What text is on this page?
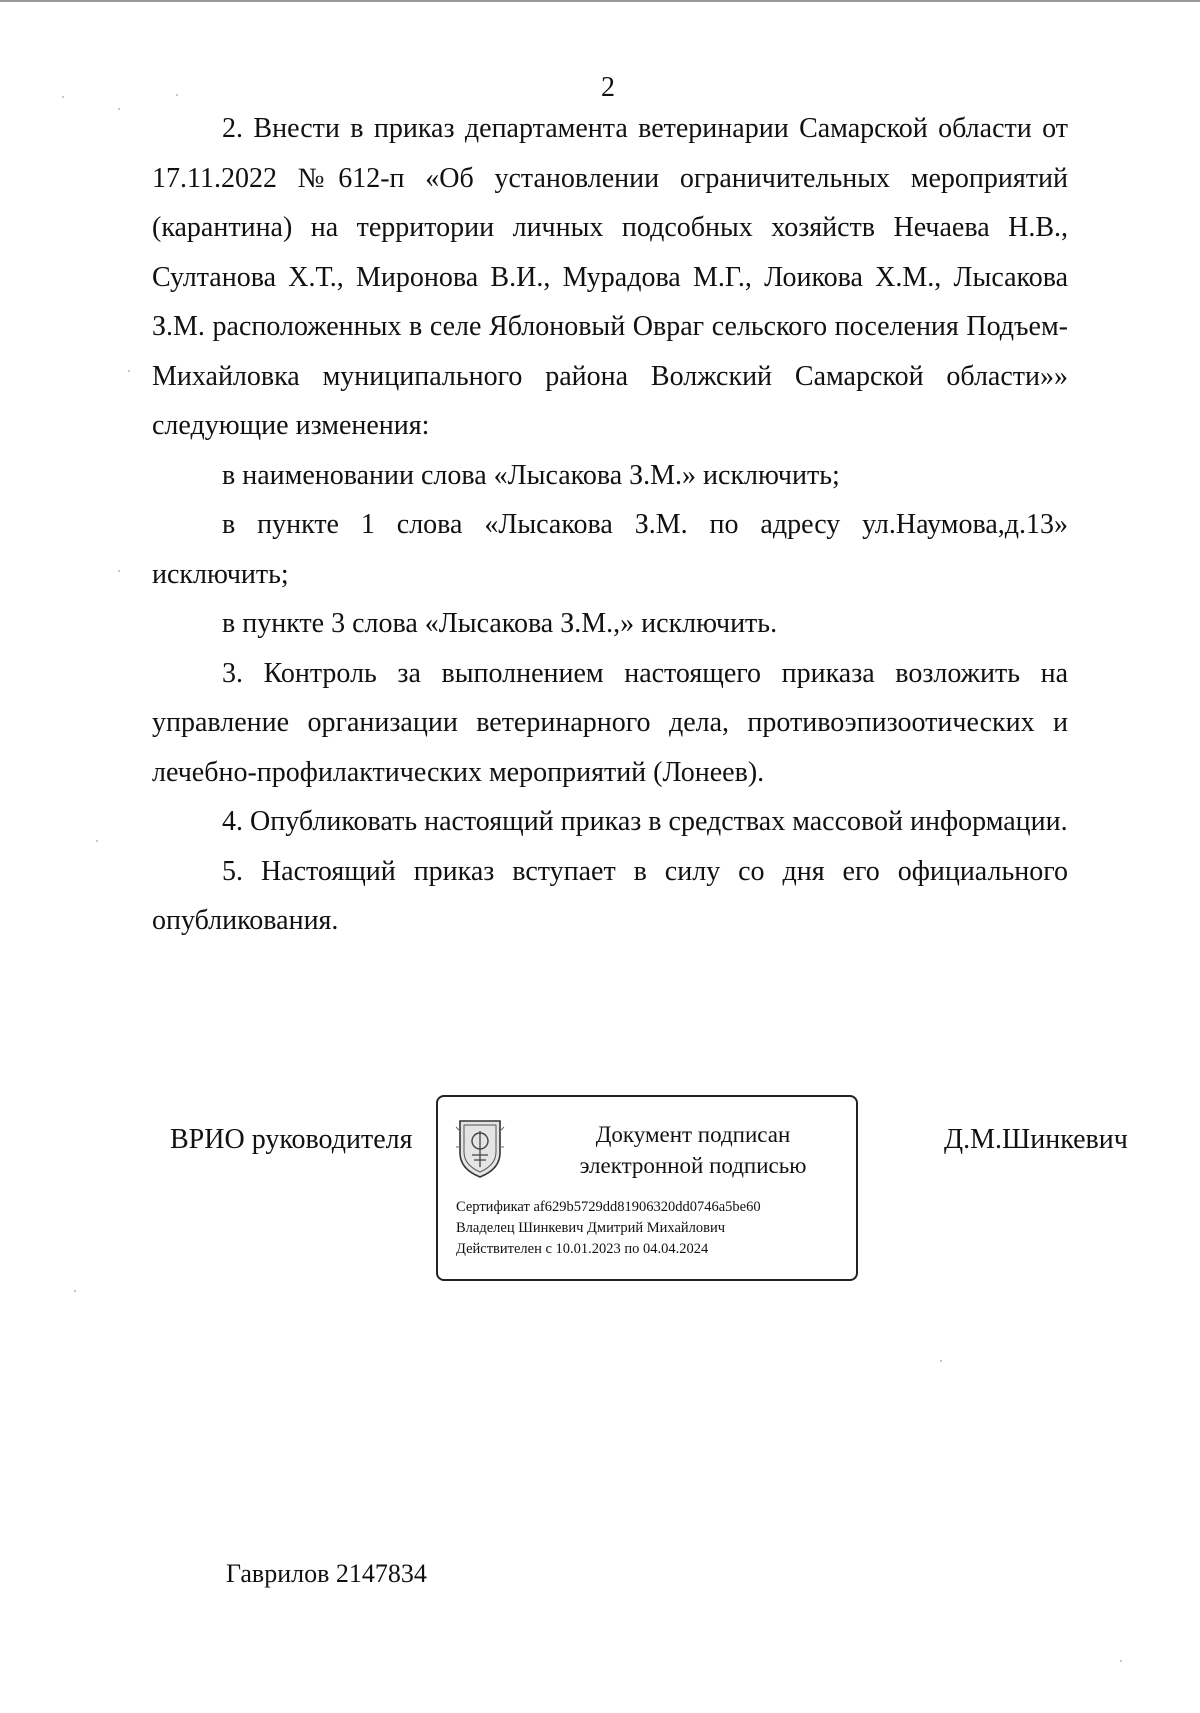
2

2. Внести в приказ департамента ветеринарии Самарской области от 17.11.2022 №612-п «Об установлении ограничительных мероприятий (карантина) на территории личных подсобных хозяйств Нечаева Н.В., Султанова Х.Т., Миронова В.И., Мурадова М.Г., Лоикова Х.М., Лысакова З.М. расположенных в селе Яблоновый Овраг сельского поселения Подъем-Михайловка муниципального района Волжский Самарской области»» следующие изменения:

в наименовании слова «Лысакова З.М.» исключить;

в пункте 1 слова «Лысакова З.М. по адресу ул.Наумова,д.13» исключить;

в пункте 3 слова «Лысакова З.М.,» исключить.

3. Контроль за выполнением настоящего приказа возложить на управление организации ветеринарного дела, противоэпизоотических и лечебно-профилактических мероприятий (Лонеев).

4. Опубликовать настоящий приказ в средствах массовой информации.

5. Настоящий приказ вступает в силу со дня его официального опубликования.

ВРИО руководителя	Документ подписан
электронной подписью
Сертификат af629b5729dd81906320dd0746a5be60
Владелец Шинкевич Дмитрий Михайлович
Действителен с 10.01.2023 по 04.04.2024
Д.М.Шинкевич
Гаврилов 2147834
